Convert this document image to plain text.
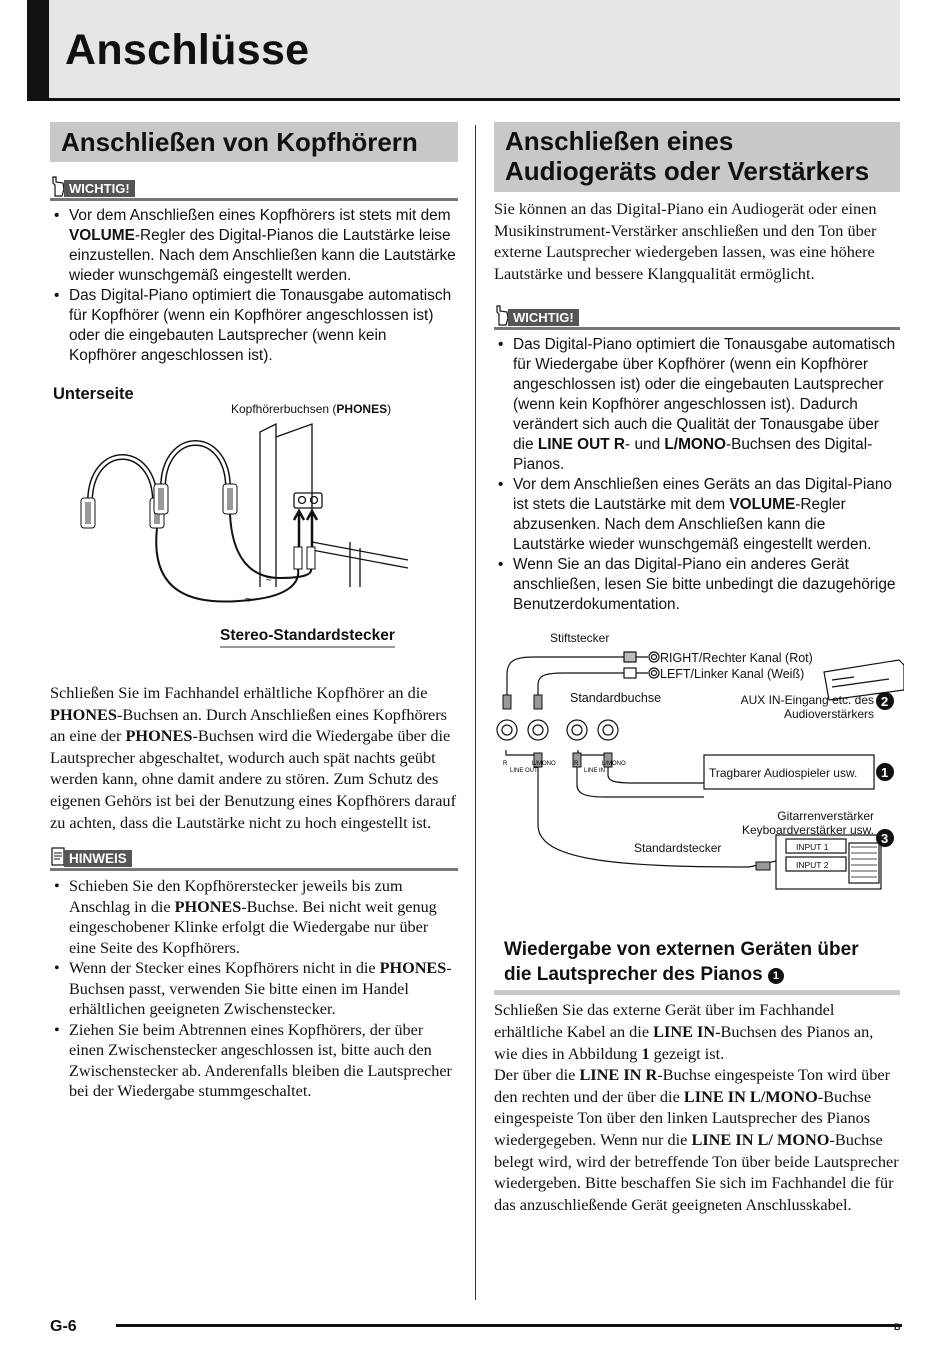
Anschlüsse
Anschließen von Kopfhörern
WICHTIG!
• Vor dem Anschließen eines Kopfhörers ist stets mit dem VOLUME-Regler des Digital-Pianos die Lautstärke leise einzustellen. Nach dem Anschließen kann die Lautstärke wieder wunschgemäß eingestellt werden.
• Das Digital-Piano optimiert die Tonausgabe automatisch für Kopfhörer (wenn ein Kopfhörer angeschlossen ist) oder die eingebauten Lautsprecher (wenn kein Kopfhörer angeschlossen ist).
Unterseite
Kopfhörerbuchsen (PHONES)
≈
≈
Stereo-Standardstecker

Schließen Sie im Fachhandel erhältliche Kopfhörer an die PHONES-Buchsen an. Durch Anschließen eines Kopfhörers an eine der PHONES-Buchsen wird die Wiedergabe über die Lautsprecher abgeschaltet, wodurch auch spät nachts geübt werden kann, ohne damit andere zu stören. Zum Schutz des eigenen Gehörs ist bei der Benutzung eines Kopfhörers darauf zu achten, dass die Lautstärke nicht zu hoch eingestellt ist.

HINWEIS
• Schieben Sie den Kopfhörerstecker jeweils bis zum Anschlag in die PHONES-Buchse. Bei nicht weit genug eingeschobener Klinke erfolgt die Wiedergabe nur über eine Seite des Kopfhörers.
• Wenn der Stecker eines Kopfhörers nicht in die PHONES-Buchsen passt, verwenden Sie bitte einen im Handel erhältlichen geeigneten Zwischenstecker.
• Ziehen Sie beim Abtrennen eines Kopfhörers, der über einen Zwischenstecker angeschlossen ist, bitte auch den Zwischenstecker ab. Anderenfalls bleiben die Lautsprecher bei der Wiedergabe stummgeschaltet.
Anschließen eines
Audiogeräts oder Verstärkers

Sie können an das Digital-Piano ein Audiogerät oder einen Musikinstrument-Verstärker anschließen und den Ton über externe Lautsprecher wiedergeben lassen, was eine höhere Lautstärke und bessere Klangqualität ermöglicht.

WICHTIG!
• Das Digital-Piano optimiert die Tonausgabe automatisch für Wiedergabe über Kopfhörer (wenn ein Kopfhörer angeschlossen ist) oder die eingebauten Lautsprecher (wenn kein Kopfhörer angeschlossen ist). Dadurch verändert sich auch die Qualität der Tonausgabe über die LINE OUT R- und L/MONO-Buchsen des Digital-Pianos.
• Vor dem Anschließen eines Geräts an das Digital-Piano ist stets die Lautstärke mit dem VOLUME-Regler abzusenken. Nach dem Anschließen kann die Lautstärke wieder wunschgemäß eingestellt werden.
• Wenn Sie an das Digital-Piano ein anderes Gerät anschließen, lesen Sie bitte unbedingt die dazugehörige Benutzerdokumentation.
R	L/MONO	R	L/MONO
LINE OUT	LINE IN
2
1
3
Stiftstecker
RIGHT/Rechter Kanal (Rot)
LEFT/Linker Kanal (Weiß)
Standardbuchse	AUX IN-Eingang etc. des
Audioverstärkers
Tragbarer Audiospieler usw.
Gitarrenverstärker
Keyboardverstärker usw.
Standardstecker	INPUT 1
INPUT 2
Wiedergabe von externen Geräten über
die Lautsprecher des Pianos 1

Schließen Sie das externe Gerät über im Fachhandel erhältliche Kabel an die LINE IN-Buchsen des Pianos an, wie dies in Abbildung 1 gezeigt ist.

Der über die LINE IN R-Buchse eingespeiste Ton wird über den rechten und der über die LINE IN L/MONO-Buchse eingespeiste Ton über den linken Lautsprecher des Pianos wiedergegeben. Wenn nur die LINE IN L/ MONO-Buchse belegt wird, wird der betreffende Ton über beide Lautsprecher wiedergeben. Bitte beschaffen Sie sich im Fachhandel die für das anzuschließende Gerät geeigneten Anschlusskabel.

G-6	B
